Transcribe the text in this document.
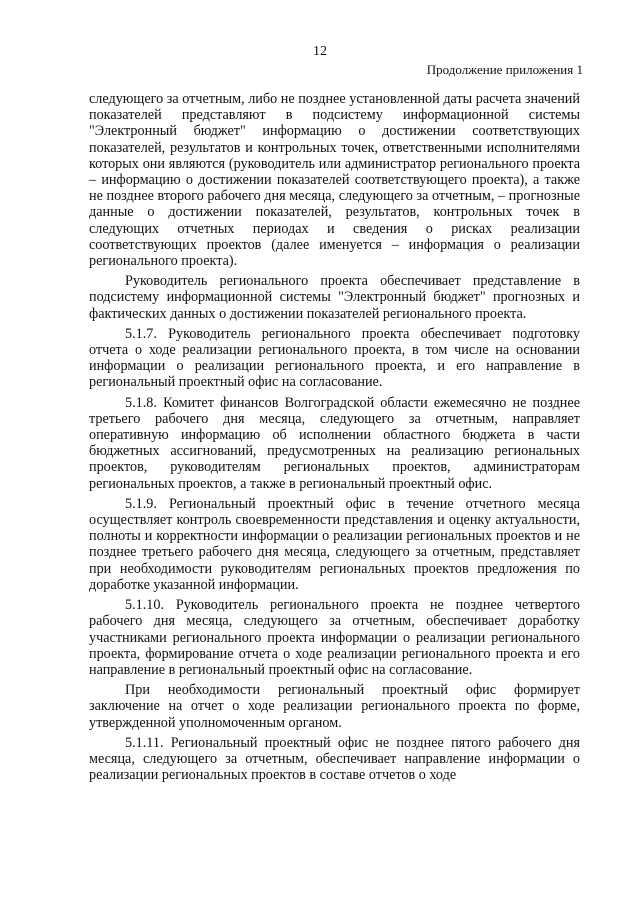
12
Продолжение приложения 1

следующего за отчетным, либо не позднее установленной даты расчета значений показателей представляют в подсистему информационной системы "Электронный бюджет" информацию о достижении соответствующих показателей, результатов и контрольных точек, ответственными исполнителями которых они являются (руководитель или администратор регионального проекта – информацию о достижении показателей соответствующего проекта), а также не позднее второго рабочего дня месяца, следующего за отчетным, – прогнозные данные о достижении показателей, результатов, контрольных точек в следующих отчетных периодах и сведения о рисках реализации соответствующих проектов (далее именуется – информация о реализации регионального проекта).

Руководитель регионального проекта обеспечивает представление в подсистему информационной системы "Электронный бюджет" прогнозных и фактических данных о достижении показателей регионального проекта.

5.1.7. Руководитель регионального проекта обеспечивает подготовку отчета о ходе реализации регионального проекта, в том числе на основании информации о реализации регионального проекта, и его направление в региональный проектный офис на согласование.

5.1.8. Комитет финансов Волгоградской области ежемесячно не позднее третьего рабочего дня месяца, следующего за отчетным, направляет оперативную информацию об исполнении областного бюджета в части бюджетных ассигнований, предусмотренных на реализацию региональных проектов, руководителям региональных проектов, администраторам региональных проектов, а также в региональный проектный офис.

5.1.9. Региональный проектный офис в течение отчетного месяца осуществляет контроль своевременности представления и оценку актуальности, полноты и корректности информации о реализации региональных проектов и не позднее третьего рабочего дня месяца, следующего за отчетным, представляет при необходимости руководителям региональных проектов предложения по доработке указанной информации.

5.1.10. Руководитель регионального проекта не позднее четвертого рабочего дня месяца, следующего за отчетным, обеспечивает доработку участниками регионального проекта информации о реализации регионального проекта, формирование отчета о ходе реализации регионального проекта и его направление в региональный проектный офис на согласование.

При необходимости региональный проектный офис формирует заключение на отчет о ходе реализации регионального проекта по форме, утвержденной уполномоченным органом.

5.1.11. Региональный проектный офис не позднее пятого рабочего дня месяца, следующего за отчетным, обеспечивает направление информации о реализации региональных проектов в составе отчетов о ходе
